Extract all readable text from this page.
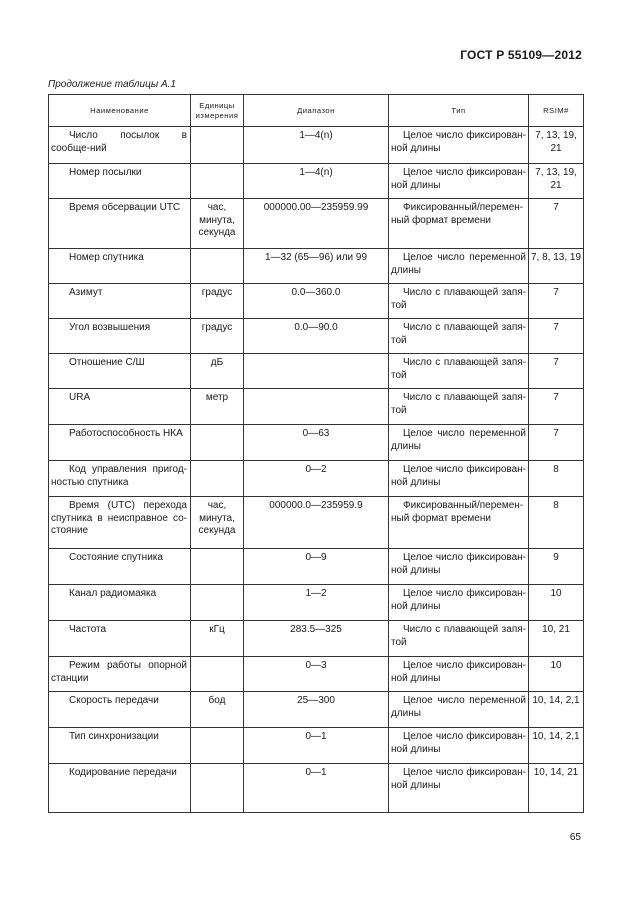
ГОСТ Р 55109—2012
Продолжение таблицы А.1
Наименование	Единицы измерения	Диапазон	Тип	RSIM#
Число посылок в сообще-ний		1—4(n)	Целое число фиксирован-ной длины	7, 13, 19, 21
Номер посылки		1—4(n)	Целое число фиксирован-ной длины	7, 13, 19, 21
Время обсервации UTC	час, минута, секунда	000000.00—235959.99	Фиксированный/перемен-ный формат времени	7
Номер спутника		1—32 (65—96) или 99	Целое число переменной длины	7, 8, 13, 19
Азимут	градус	0.0—360.0	Число с плавающей запя-той	7
Угол возвышения	градус	0.0—90.0	Число с плавающей запя-той	7
Отношение С/Ш	дБ		Число с плавающей запя-той	7
URA	метр		Число с плавающей запя-той	7
Работоспособность НКА		0—63	Целое число переменной длины	7
Код управления пригод-ностью спутника		0—2	Целое число фиксирован-ной длины	8
Время (UTC) перехода спутника в неисправное со-стояние	час, минута, секунда	000000.0—235959.9	Фиксированный/перемен-ный формат времени	8
Состояние спутника		0—9	Целое число фиксирован-ной длины	9
Канал радиомаяка		1—2	Целое число фиксирован-ной длины	10
Частота	кГц	283.5—325	Число с плавающей запя-той	10, 21
Режим работы опорной станции		0—3	Целое число фиксирован-ной длины	10
Скорость передачи	бод	25—300	Целое число переменной длины	10, 14, 2,1
Тип синхронизации		0—1	Целое число фиксирован-ной длины	10, 14, 2,1
Кодирование передачи		0—1	Целое число фиксирован-ной длины	10, 14, 21
65
